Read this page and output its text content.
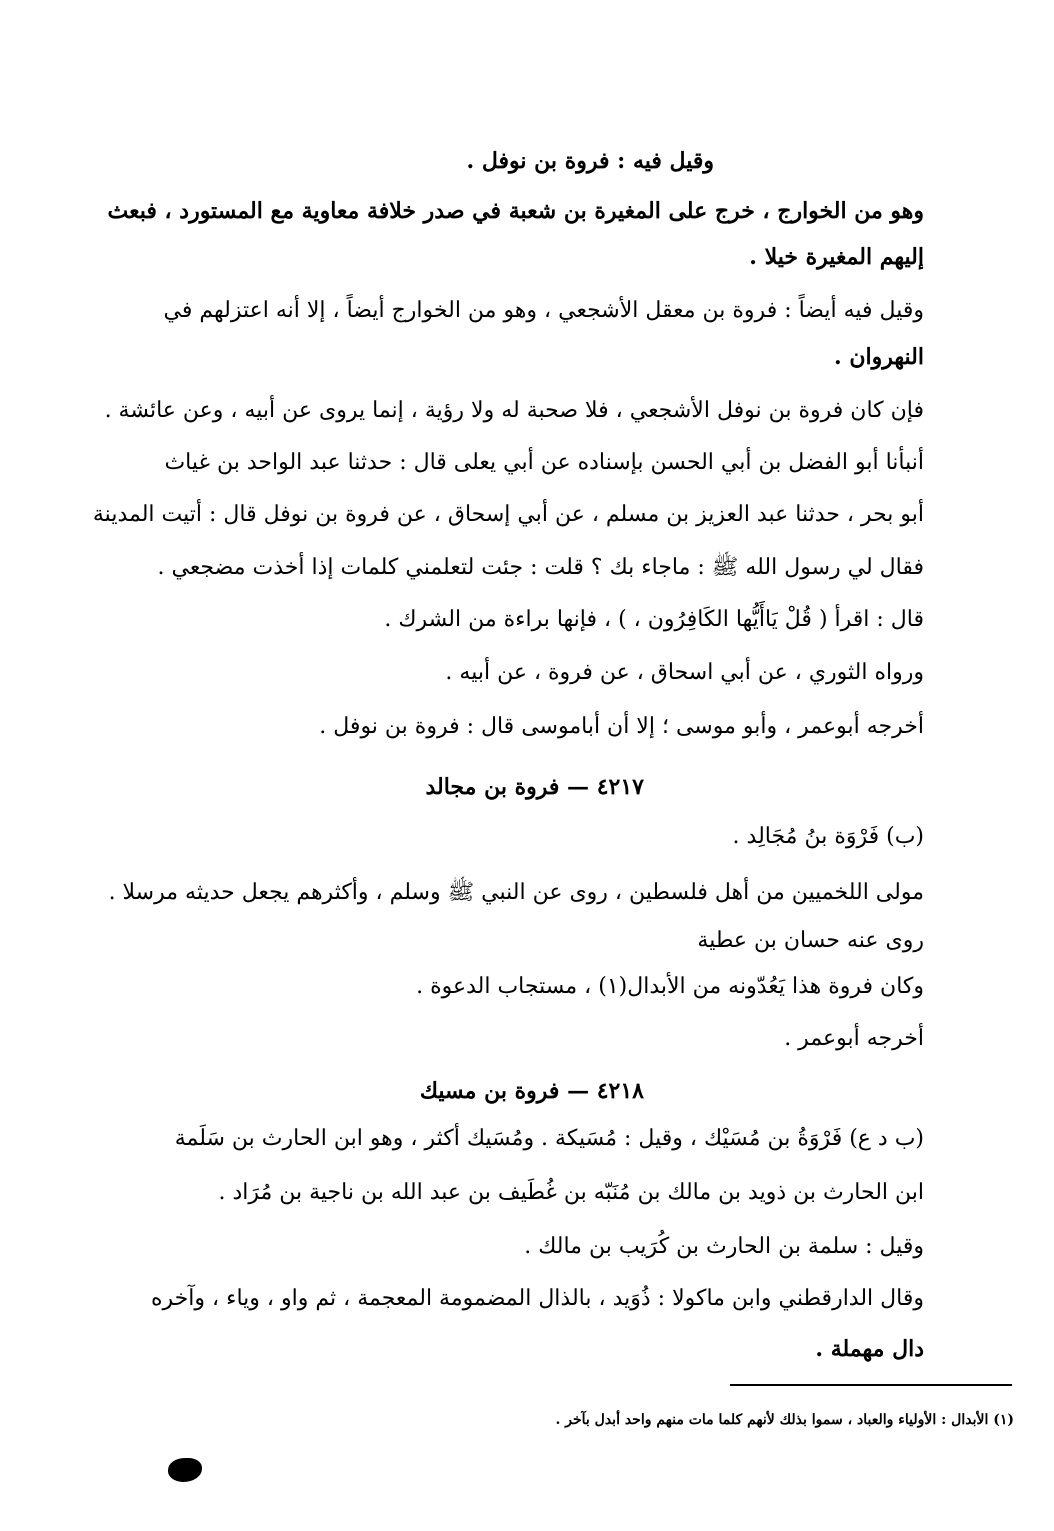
وقيل فيه : فروة بن نوفل .
وهو من الخوارج ، خرج على المغيرة بن شعبة في صدر خلافة معاوية مع المستورد ، فبعث
إليهم المغيرة خيلا .
وقيل فيه أيضاً : فروة بن معقل الأشجعي ، وهو من الخوارج أيضاً ، إلا أنه اعتزلهم في
النهروان .
فإن كان فروة بن نوفل الأشجعي ، فلا صحبة له ولا رؤية ، إنما يروى عن أبيه ، وعن عائشة .
أنبأنا أبو الفضل بن أبي الحسن بإسناده عن أبي يعلى قال : حدثنا عبد الواحد بن غياث
أبو بحر ، حدثنا عبد العزيز بن مسلم ، عن أبي إسحاق ، عن فروة بن نوفل قال : أتيت المدينة
فقال لي رسول الله ﷺ : ماجاء بك ؟ قلت : جئت لتعلمني كلمات إذا أخذت مضجعي .
قال : اقرأ ( قُلْ يَاأَيُّها الكَافِرُون ، ) ، فإنها براءة من الشرك .
ورواه الثوري ، عن أبي اسحاق ، عن فروة ، عن أبيه .
أخرجه أبوعمر ، وأبو موسى ؛ إلا أن أباموسى قال : فروة بن نوفل .
٤٢١٧ — فروة بن مجالد
(ب) فَرْوَة بنُ مُجَالِد .
مولى اللخميين من أهل فلسطين ، روى عن النبي ﷺ وسلم ، وأكثرهم يجعل حديثه مرسلا .
روى عنه حسان بن عطية
وكان فروة هذا يَعُدّونه من الأبدال(١) ، مستجاب الدعوة .
أخرجه أبوعمر .
٤٢١٨ — فروة بن مسيك
(ب د ع) فَرْوَةُ بن مُسَيْك ، وقيل : مُسَيكة . ومُسَيك أكثر ، وهو ابن الحارث بن سَلَمة
ابن الحارث بن ذويد بن مالك بن مُنَبّه بن غُطَيف بن عبد الله بن ناجية بن مُرَاد .
وقيل : سلمة بن الحارث بن كُرَيب بن مالك .
وقال الدارقطني وابن ماكولا : ذُوَيد ، بالذال المضمومة المعجمة ، ثم واو ، وياء ، وآخره
دال مهملة .
(١) الأبدال : الأولياء والعباد ، سموا بذلك لأنهم كلما مات منهم واحد أبدل بآخر .
